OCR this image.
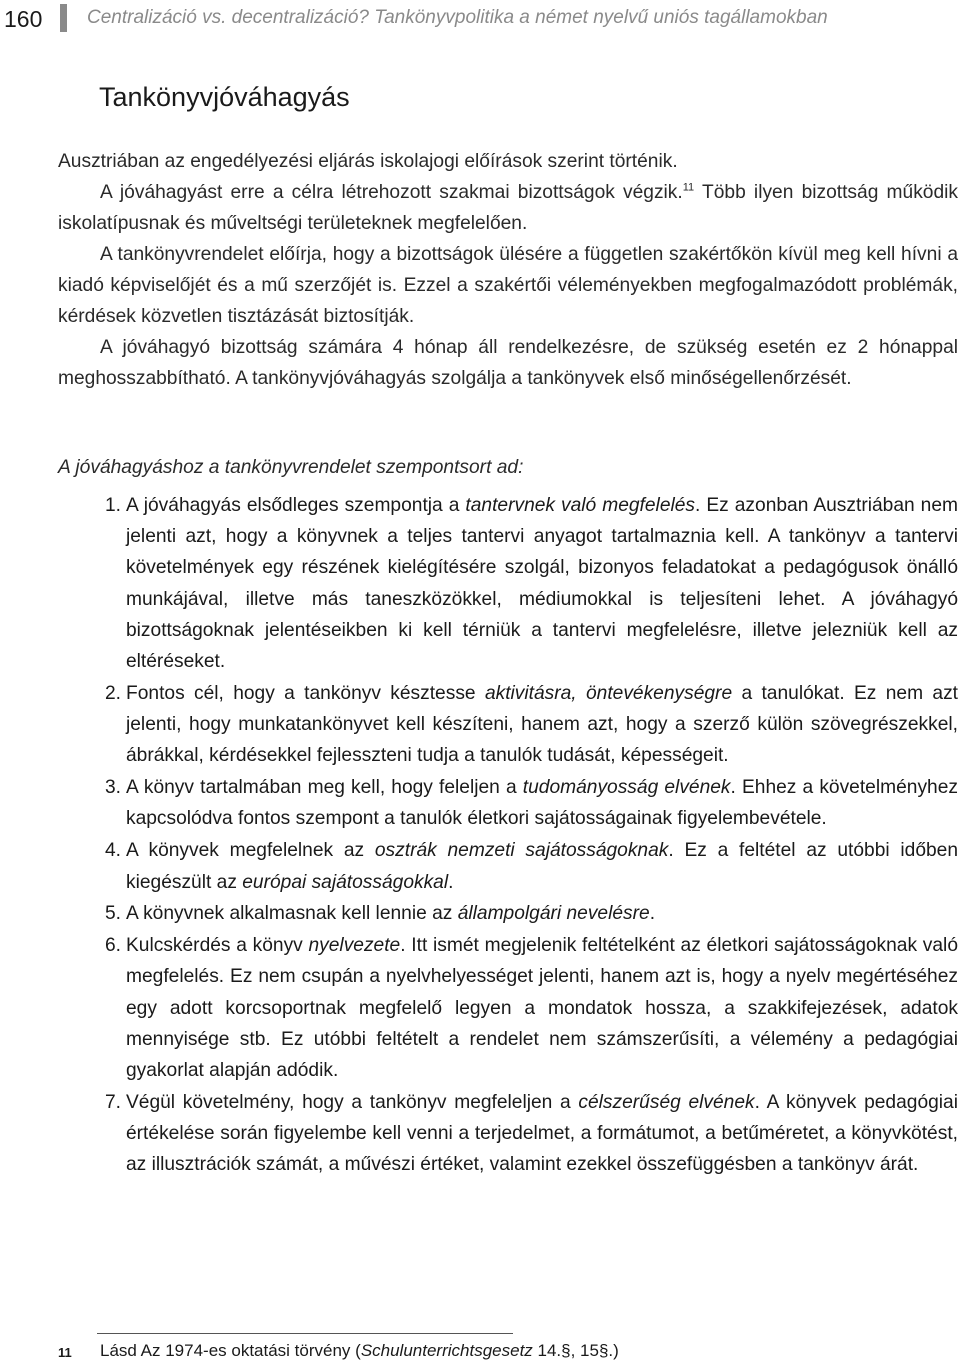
160 Centralizáció vs. decentralizáció? Tankönyvpolitika a német nyelvű uniós tagállamokban
Tankönyvjóváhagyás

Ausztriában az engedélyezési eljárás iskolajogi előírások szerint történik.

A jóváhagyást erre a célra létrehozott szakmai bizottságok végzik.$^{11}$ Több ilyen bizottság működik iskolatípusnak és műveltségi területeknek megfelelően.

A tankönyvrendelet előírja, hogy a bizottságok ülésére a független szakértőkön kívül meg kell hívni a kiadó képviselőjét és a mű szerzőjét is. Ezzel a szakértői véleményekben megfogalmazódott problémák, kérdések közvetlen tisztázását biztosítják.

A jóváhagyó bizottság számára 4 hónap áll rendelkezésre, de szükség esetén ez 2 hónappal meghosszabbítható. A tankönyvjóváhagyás szolgálja a tankönyvek első minőségellenőrzését.

A jóváhagyáshoz a tankönyvrendelet szempontsort ad:
1. A jóváhagyás elsődleges szempontja a tantervnek való megfelelés. Ez azonban Ausztriában nem jelenti azt, hogy a könyvnek a teljes tantervi anyagot tartalmaznia kell. A tankönyv a tantervi követelmények egy részének kielégítésére szolgál, bizonyos feladatokat a pedagógusok önálló munkájával, illetve más taneszközökkel, médiumokkal is teljesíteni lehet. A jóváhagyó bizottságoknak jelentéseikben ki kell térniük a tantervi megfelelésre, illetve jelezniük kell az eltéréseket.
2. Fontos cél, hogy a tankönyv késztesse aktivitásra, öntevékenységre a tanulókat. Ez nem azt jelenti, hogy munkatankönyvet kell készíteni, hanem azt, hogy a szerző külön szövegrészekkel, ábrákkal, kérdésekkel fejlesszteni tudja a tanulók tudását, képességeit.
3. A könyv tartalmában meg kell, hogy feleljen a tudományosság elvének. Ehhez a követelményhez kapcsolódva fontos szempont a tanulók életkori sajátosságainak figyelembevétele.
4. A könyvek megfelelnek az osztrák nemzeti sajátosságoknak. Ez a feltétel az utóbbi időben kiegészült az európai sajátosságokkal.
5. A könyvnek alkalmasnak kell lennie az állampolgári nevelésre.
6. Kulcskérdés a könyv nyelvezete. Itt ismét megjelenik feltételként az életkori sajátosságoknak való megfelelés. Ez nem csupán a nyelvhelyességet jelenti, hanem azt is, hogy a nyelv megértéséhez egy adott korcsoportnak megfelelő legyen a mondatok hossza, a szakkifejezések, adatok mennyisége stb. Ez utóbbi feltételt a rendelet nem számszerűsíti, a vélemény a pedagógiai gyakorlat alapján adódik.
7. Végül követelmény, hogy a tankönyv megfeleljen a célszerűség elvének. A könyvek pedagógiai értékelése során figyelembe kell venni a terjedelmet, a formátumot, a betűméretet, a könyvkötést, az illusztrációk számát, a művészi értéket, valamint ezekkel összefüggésben a tankönyv árát.
11 Lásd Az 1974-es oktatási törvény (Schulunterrichtsgesetz 14.§, 15§.)
